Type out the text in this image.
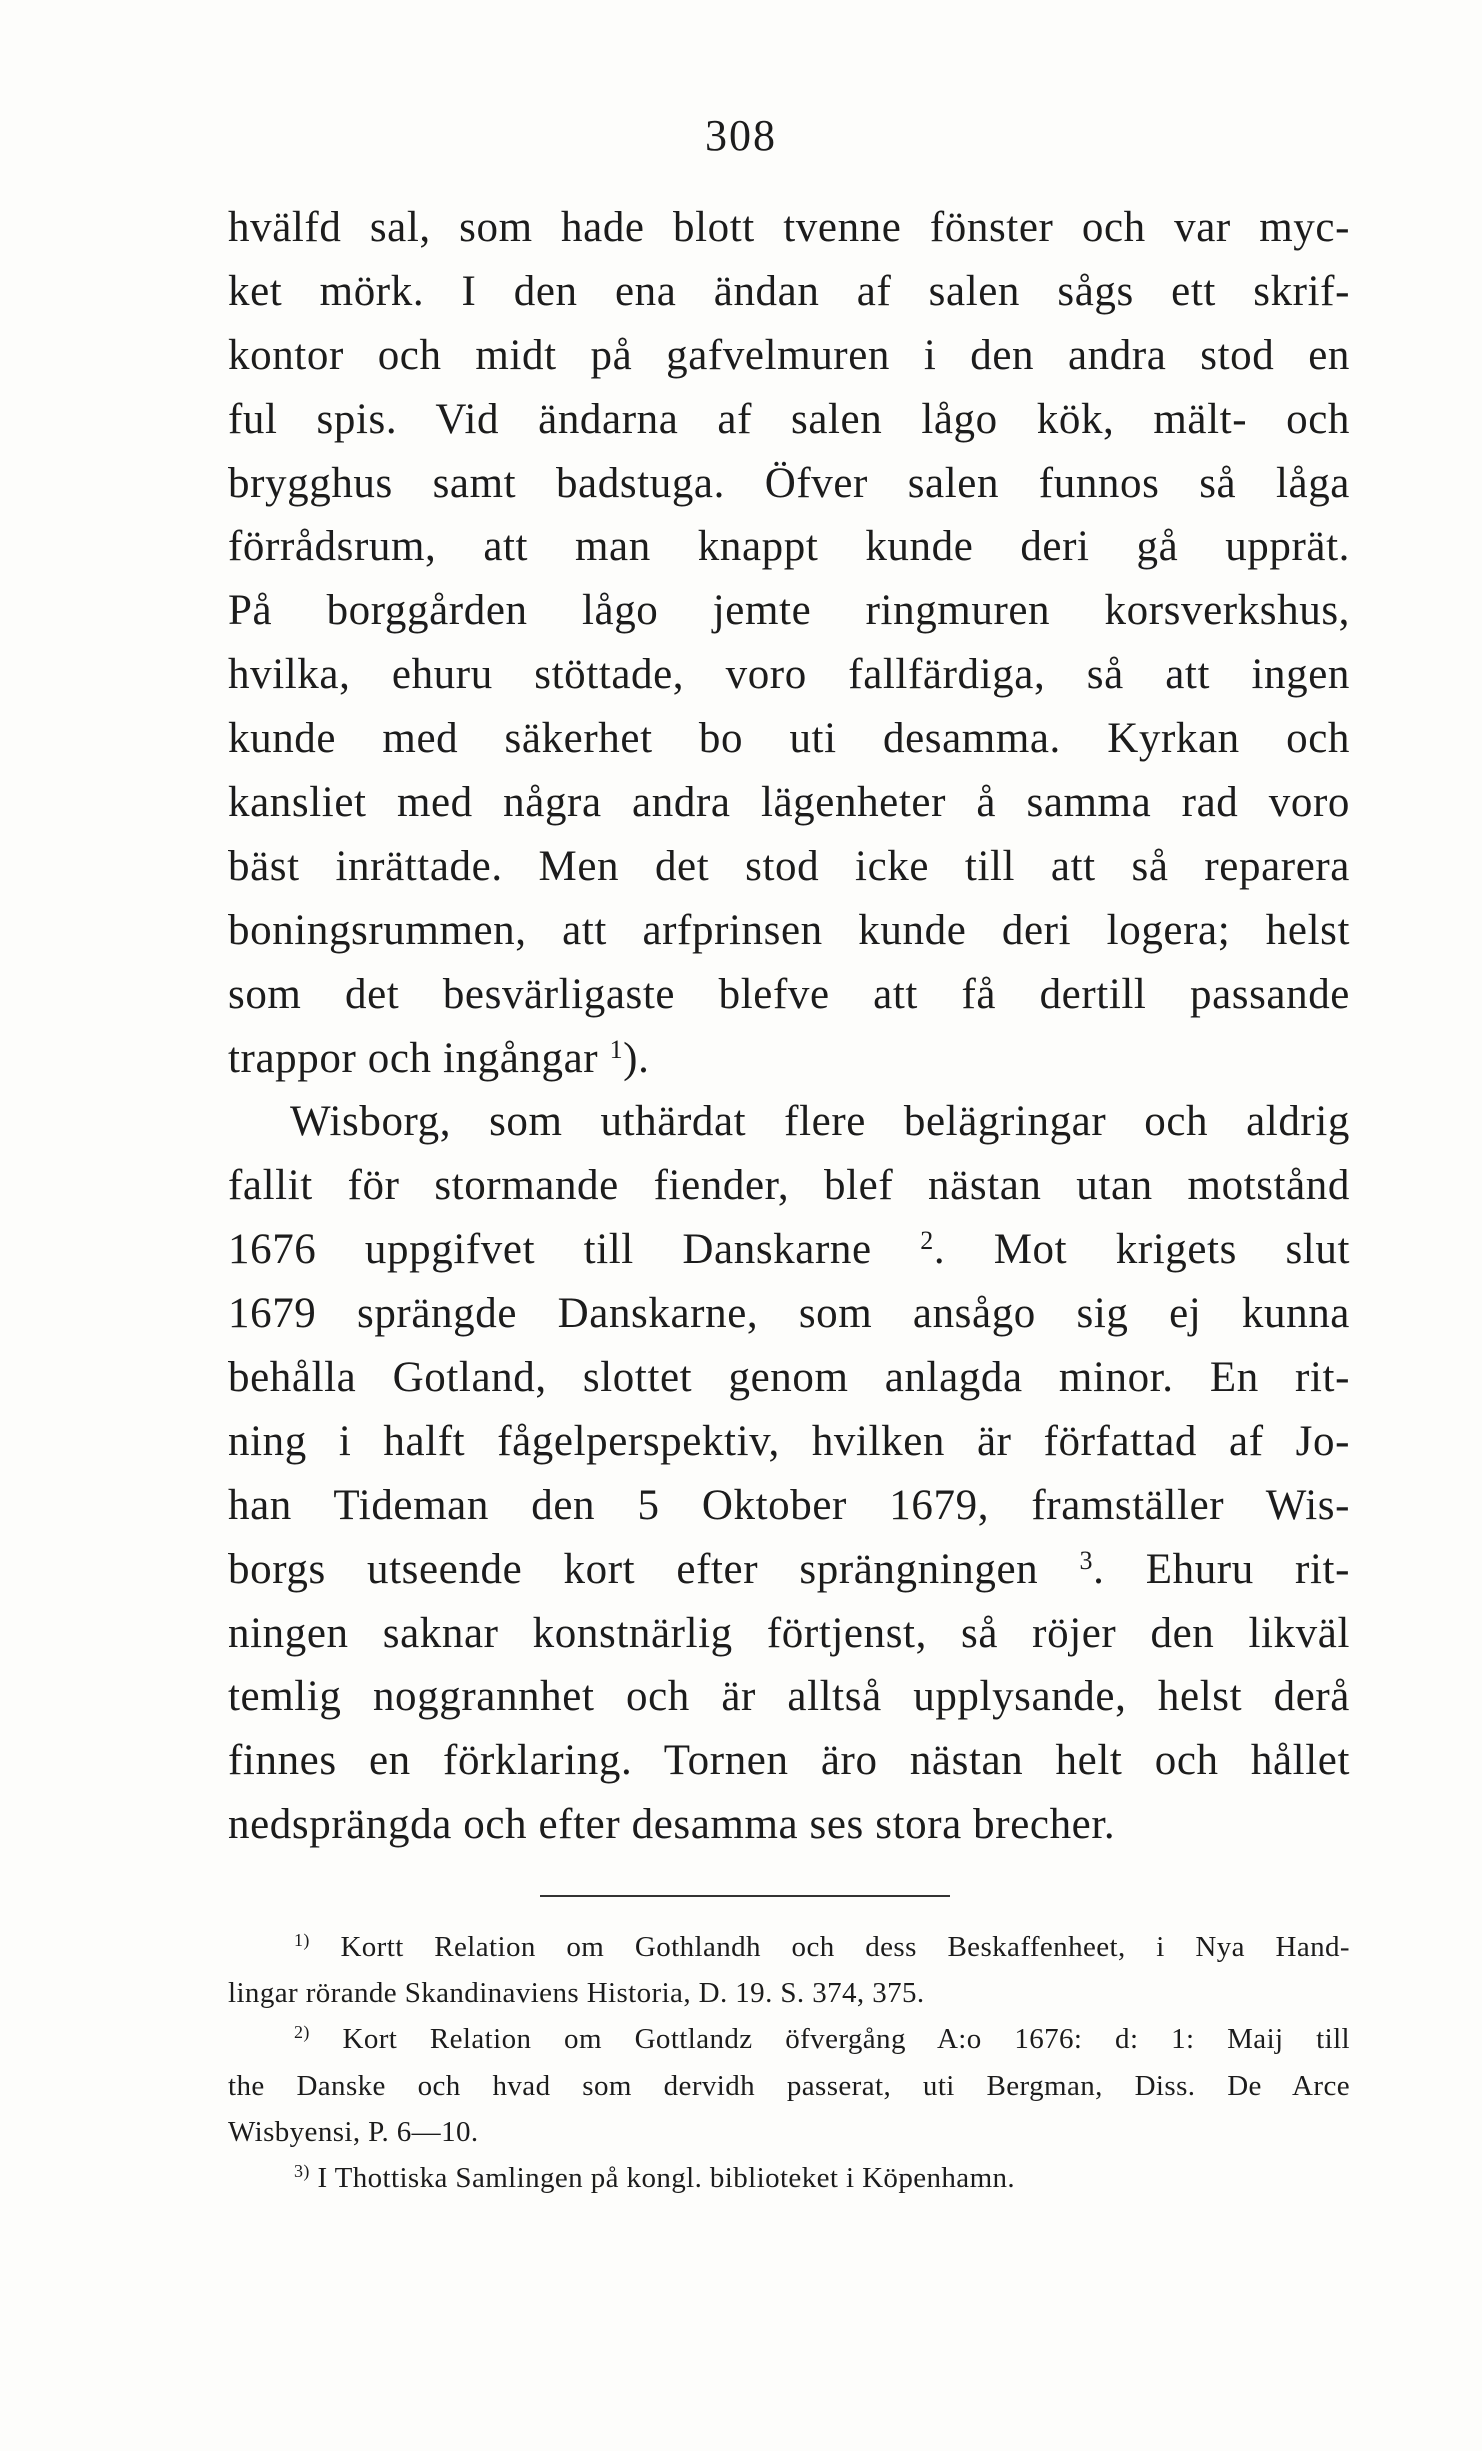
308
hvälfd sal, som hade blott tvenne fönster och var myc-
ket mörk. I den ena ändan af salen sågs ett skrif-
kontor och midt på gafvelmuren i den andra stod en
ful spis. Vid ändarna af salen lågo kök, mält- och
brygghus samt badstuga. Öfver salen funnos så låga
förrådsrum, att man knappt kunde deri gå upprät.
På borggården lågo jemte ringmuren korsverkshus,
hvilka, ehuru stöttade, voro fallfärdiga, så att ingen
kunde med säkerhet bo uti desamma. Kyrkan och
kansliet med några andra lägenheter å samma rad voro
bäst inrättade. Men det stod icke till att så reparera
boningsrummen, att arfprinsen kunde deri logera; helst
som det besvärligaste blefve att få dertill passande
trappor och ingångar $^1$).
Wisborg, som uthärdat flere belägringar och aldrig
fallit för stormande fiender, blef nästan utan motstånd
1676 uppgifvet till Danskarne $^2$. Mot krigets slut
1679 sprängde Danskarne, som ansågo sig ej kunna
behålla Gotland, slottet genom anlagda minor. En rit-
ning i halft fågelperspektiv, hvilken är författad af Jo-
han Tideman den 5 Oktober 1679, framställer Wis-
borgs utseende kort efter sprängningen $^3$. Ehuru rit-
ningen saknar konstnärlig förtjenst, så röjer den likväl
temlig noggrannhet och är alltså upplysande, helst derå
finnes en förklaring. Tornen äro nästan helt och hållet
nedsprängda och efter desamma ses stora brecher.
$^{1)}$ Kortt Relation om Gothlandh och dess Beskaffenheet, i Nya Hand-
lingar rörande Skandinaviens Historia, D. 19. S. 374, 375.
$^{2)}$ Kort Relation om Gottlandz öfvergång A:o 1676: d: 1: Maij till
the Danske och hvad som dervidh passerat, uti Bergman, Diss. De Arce
Wisbyensi, P. 6—10.
$^{3)}$ I Thottiska Samlingen på kongl. biblioteket i Köpenhamn.
